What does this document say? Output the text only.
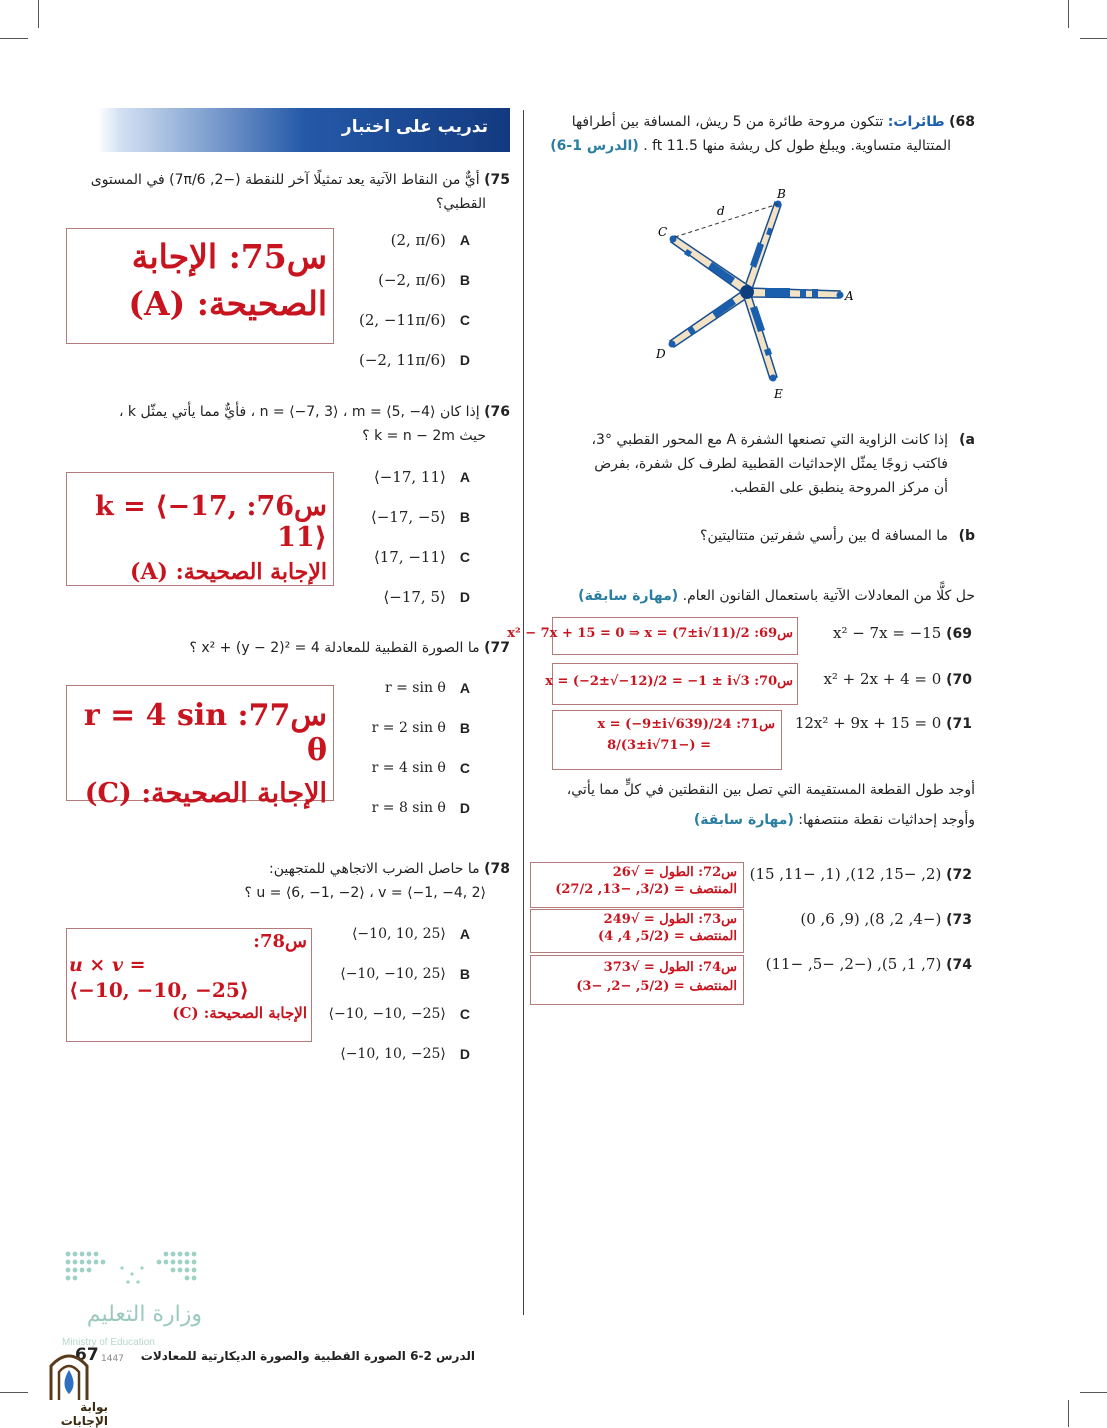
68) طائرات: تتكون مروحة طائرة من 5 ريش، المسافة بين أطرافها
المتتالية متساوية. ويبلغ طول كل ريشة منها 11.5 ft . (الدرس 1-6)
A
B
C
D
E
d
a)
إذا كانت الزاوية التي تصنعها الشفرة A مع المحور القطبي °3،
فاكتب زوجًا يمثّل الإحداثيات القطبية لطرف كل شفرة، بفرض
أن مركز المروحة ينطبق على القطب.
b)
ما المسافة d بين رأسي شفرتين متتاليتين؟
حل كلًّا من المعادلات الآتية باستعمال القانون العام. (مهارة سابقة)
69) x² − 7x = −15
س69: x² − 7x + 15 = 0 ⇒ x = (7±i√11)/2
70) x² + 2x + 4 = 0
س70: x = (−2±√−12)/2 = −1 ± i√3
71) 12x² + 9x + 15 = 0
س71: x = (−9±i√639)/24
= (−3±i√71)/8
أوجد طول القطعة المستقيمة التي تصل بين النقطتين في كلٍّ مما يأتي،
وأوجد إحداثيات نقطة منتصفها: (مهارة سابقة)
72) (2, −15, 12), (1, −11, 15)
س72: الطول = √26
المنتصف = (3/2, −13, 27/2)
73) (−4, 2, 8), (9, 6, 0)
س73: الطول = √249
المنتصف = (5/2, 4, 4)
74) (7, 1, 5), (−2, −5, −11)
س74: الطول = √373
المنتصف = (5/2, −2, −3)
تدريب على اختبار
75) أيٌّ من النقاط الآتية يعد تمثيلًا آخر للنقطة (−2, 7π/6) في المستوى
القطبي؟
A
(2, π/6)
B
(−2, π/6)
C
(2, −11π/6)
D
(−2, 11π/6)
س75: الإجابة
الصحيحة: (A)
76) إذا كان n = ⟨−7, 3⟩ ، m = ⟨5, −4⟩ ، فأيٌّ مما يأتي يمثّل k ،
حيث k = n − 2m ؟
A
⟨−17, 11⟩
B
⟨−17, −5⟩
C
⟨17, −11⟩
D
⟨−17, 5⟩
س76: k = ⟨−17, 11⟩
الإجابة الصحيحة: (A)
77) ما الصورة القطبية للمعادلة x² + (y − 2)² = 4 ؟
A
r = sin θ
B
r = 2 sin θ
C
r = 4 sin θ
D
r = 8 sin θ
س77: r = 4 sin θ
الإجابة الصحيحة: (C)
78) ما حاصل الضرب الاتجاهي للمتجهين:
u = ⟨6, −1, −2⟩ ، v = ⟨−1, −4, 2⟩ ؟
A
⟨−10, 10, 25⟩
B
⟨−10, −10, 25⟩
C
⟨−10, −10, −25⟩
D
⟨−10, 10, −25⟩
س78:
u × v =
⟨−10, −10, −25⟩
الإجابة الصحيحة: (C)
وزارة التعليم
Ministry of Education
67 1447	الدرس 2-6 الصورة القطبية والصورة الديكارتية للمعادلات
بوابة الإجابات
